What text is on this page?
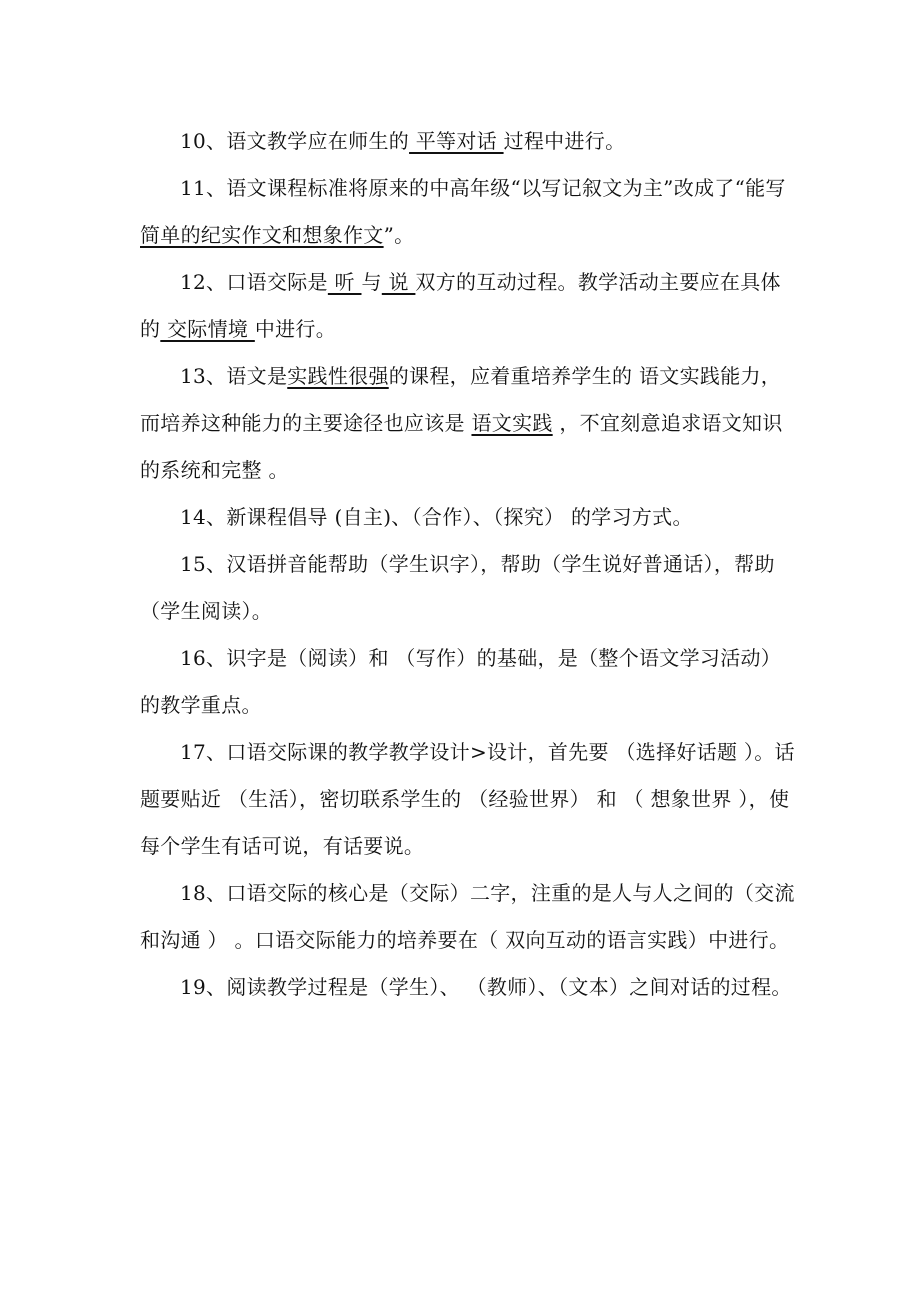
10、语文教学应在师生的 平等对话 过程中进行。

11、语文课程标准将原来的中高年级“以写记叙文为主”改成了“能写简单的纪实作文和想象作文”。

12、口语交际是 听 与 说 双方的互动过程。教学活动主要应在具体的 交际情境 中进行。

13、语文是实践性很强的课程，应着重培养学生的 语文实践能力，而培养这种能力的主要途径也应该是 语文实践 ，不宜刻意追求语文知识的系统和完整 。

14、新课程倡导 (自主)、（合作）、（探究） 的学习方式。

15、汉语拼音能帮助（学生识字），帮助（学生说好普通话），帮助（学生阅读）。

16、识字是（阅读）和 （写作）的基础，是（整个语文学习活动）的教学重点。

17、口语交际课的教学教学设计>设计，首先要 （选择好话题 ）。话题要贴近 （生活），密切联系学生的 （经验世界） 和 （ 想象世界 ），使每个学生有话可说，有话要说。

18、口语交际的核心是（交际）二字，注重的是人与人之间的（交流和沟通 ） 。口语交际能力的培养要在（ 双向互动的语言实践）中进行。

19、阅读教学过程是（学生）、 （教师）、（文本）之间对话的过程。
